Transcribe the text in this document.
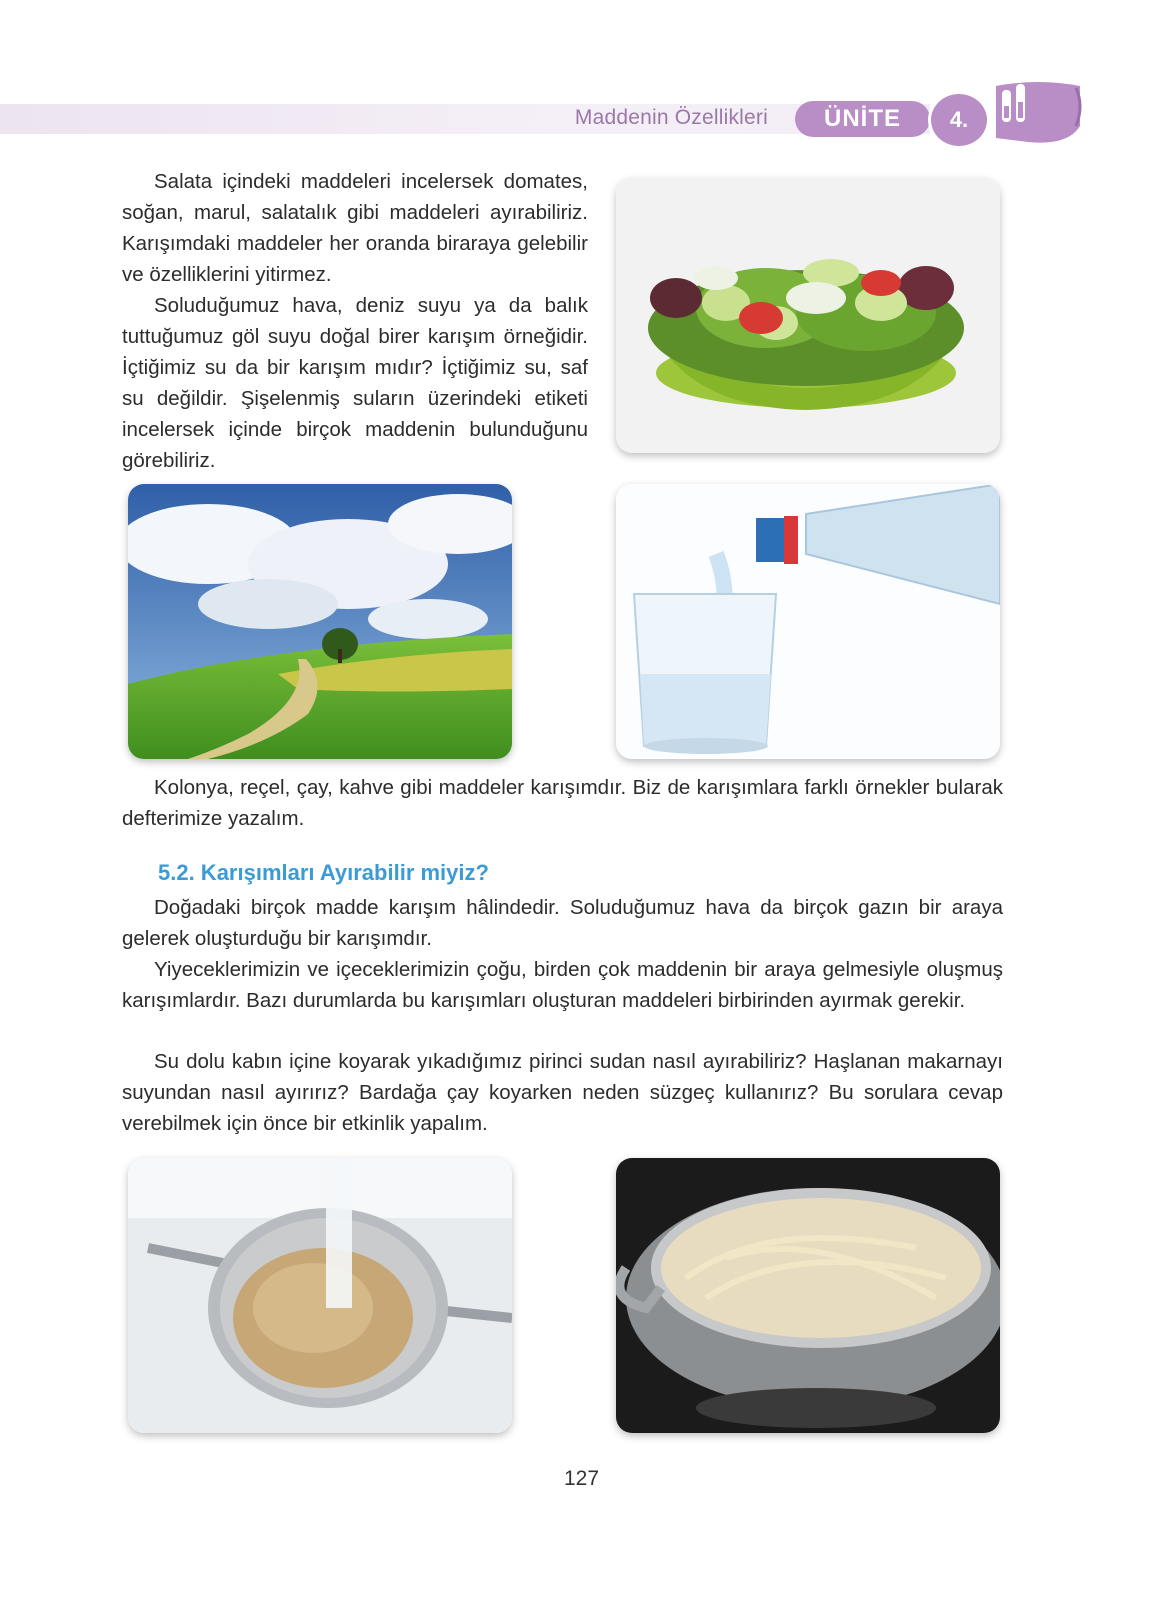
Maddenin Özellikleri	ÜNİTE	4.

Salata içindeki maddeleri incelersek domates, soğan, marul, salatalık gibi maddeleri ayırabiliriz. Karışımdaki maddeler her oranda biraraya gelebilir ve özelliklerini yitirmez.

Soluduğumuz hava, deniz suyu ya da balık tuttuğumuz göl suyu doğal birer karışım örneğidir. İçtiğimiz su da bir karışım mıdır? İçtiğimiz su, saf su değildir. Şişelenmiş suların üzerindeki etiketi incelersek içinde birçok maddenin bulunduğunu görebiliriz.

Kolonya, reçel, çay, kahve gibi maddeler karışımdır. Biz de karışımlara farklı örnekler bularak defterimize yazalım.

5.2. Karışımları Ayırabilir miyiz?

Doğadaki birçok madde karışım hâlindedir. Soluduğumuz hava da birçok gazın bir araya gelerek oluşturduğu bir karışımdır.

Yiyeceklerimizin ve içeceklerimizin çoğu, birden çok maddenin bir araya gelmesiyle oluşmuş karışımlardır. Bazı durumlarda bu karışımları oluşturan maddeleri birbirinden ayırmak gerekir.

Su dolu kabın içine koyarak yıkadığımız pirinci sudan nasıl ayırabiliriz? Haşlanan makarnayı suyundan nasıl ayırırız? Bardağa çay koyarken neden süzgeç kullanırız? Bu sorulara cevap verebilmek için önce bir etkinlik yapalım.

127
